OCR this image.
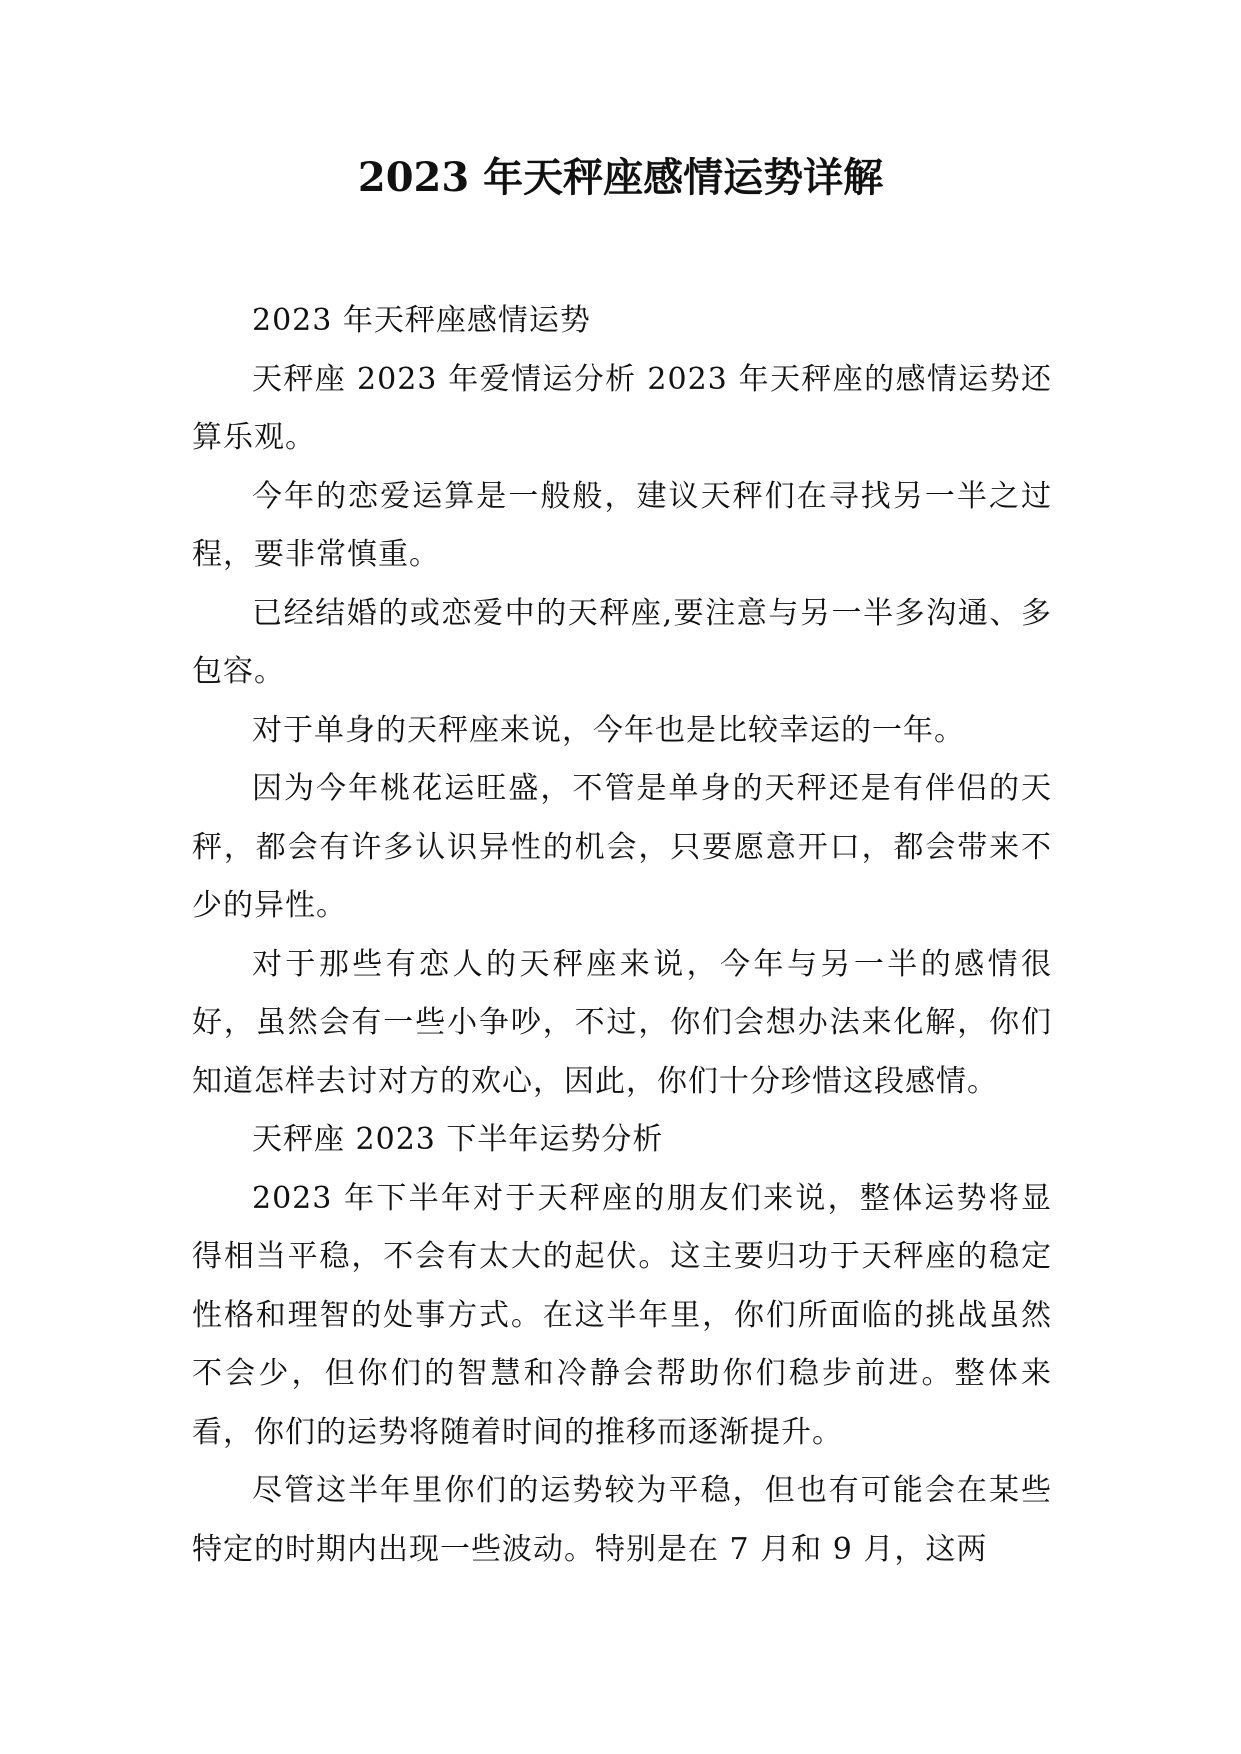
2023 年天秤座感情运势详解

2023 年天秤座感情运势

天秤座 2023 年爱情运分析 2023 年天秤座的感情运势还算乐观。

今年的恋爱运算是一般般，建议天秤们在寻找另一半之过程，要非常慎重。

已经结婚的或恋爱中的天秤座,要注意与另一半多沟通、多包容。

对于单身的天秤座来说，今年也是比较幸运的一年。

因为今年桃花运旺盛，不管是单身的天秤还是有伴侣的天秤，都会有许多认识异性的机会，只要愿意开口，都会带来不少的异性。

对于那些有恋人的天秤座来说，今年与另一半的感情很好，虽然会有一些小争吵，不过，你们会想办法来化解，你们知道怎样去讨对方的欢心，因此，你们十分珍惜这段感情。

天秤座 2023 下半年运势分析

2023 年下半年对于天秤座的朋友们来说，整体运势将显得相当平稳，不会有太大的起伏。这主要归功于天秤座的稳定性格和理智的处事方式。在这半年里，你们所面临的挑战虽然不会少，但你们的智慧和冷静会帮助你们稳步前进。整体来看，你们的运势将随着时间的推移而逐渐提升。

尽管这半年里你们的运势较为平稳，但也有可能会在某些特定的时期内出现一些波动。特别是在 7 月和 9 月，这两
